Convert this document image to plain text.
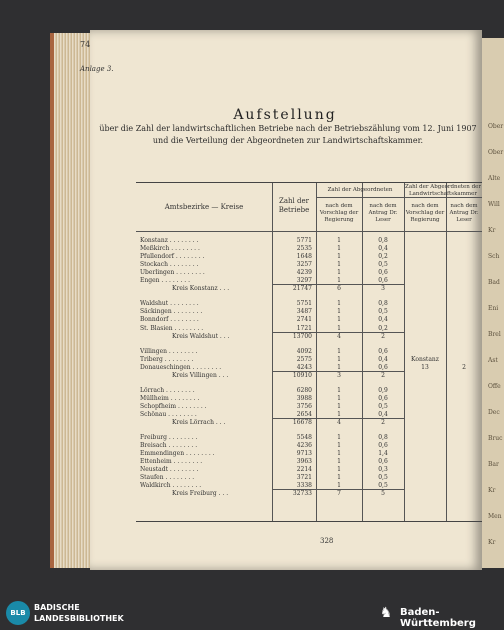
Ober
Ober
Alte
Will
Kr
Sch
Bad
Eni
Brel
Ast
Offe
Dec
Bruc
Bar
Kr
Men
Kr
74
Anlage 3.
Aufstellung
über die Zahl der landwirtschaftlichen Betriebe nach der Betriebszählung vom 12. Juni 1907
und die Verteilung der Abgeordneten zur Landwirtschaftskammer.
Amtsbezirke — Kreise
Zahl der Betriebe
Zahl der Abgeordneten	Zahl der Abgeordneten der Landwirtschaftskammer
nach dem Vorschlag der Regierung
nach dem Antrag Dr. Leser
nach dem Vorschlag der Regierung
nach dem Antrag Dr. Leser
Konstanz . . . . . . . .	5771	1	0,8
Meßkirch . . . . . . . .	2535	1	0,4
Pfullendorf . . . . . . . .	1648	1	0,2
Stockach . . . . . . . .	3257	1	0,5
Überlingen . . . . . . . .	4239	1	0,6
Engen . . . . . . . .	3297	1	0,6
Kreis Konstanz . . .	21747	6	3
Waldshut . . . . . . . .	5751	1	0,8
Säckingen . . . . . . . .	3487	1	0,5
Bonndorf . . . . . . . .	2741	1	0,4
St. Blasien . . . . . . . .	1721	1	0,2
Kreis Waldshut . . .	13700	4	2
Villingen . . . . . . . .	4092	1	0,6
Triberg . . . . . . . .	2575	1	0,4
Donaueschingen . . . . . . . .	4243	1	0,6
Kreis Villingen . . .	10910	3	2
Konstanz
13	2
Lörrach . . . . . . . .	6280	1	0,9
Müllheim . . . . . . . .	3988	1	0,6
Schopfheim . . . . . . . .	3756	1	0,5
Schönau . . . . . . . .	2654	1	0,4
Kreis Lörrach . . .	16678	4	2
Freiburg . . . . . . . .	5548	1	0,8
Breisach . . . . . . . .	4236	1	0,6
Emmendingen . . . . . . . .	9713	1	1,4
Ettenheim . . . . . . . .	3963	1	0,6
Neustadt . . . . . . . .	2214	1	0,3
Staufen . . . . . . . .	3721	1	0,5
Waldkirch . . . . . . . .	3338	1	0,5
Kreis Freiburg . . .	32733	7	5
328
BLB
BADISCHE
LANDESBIBLIOTHEK	♞ Baden-Württemberg
